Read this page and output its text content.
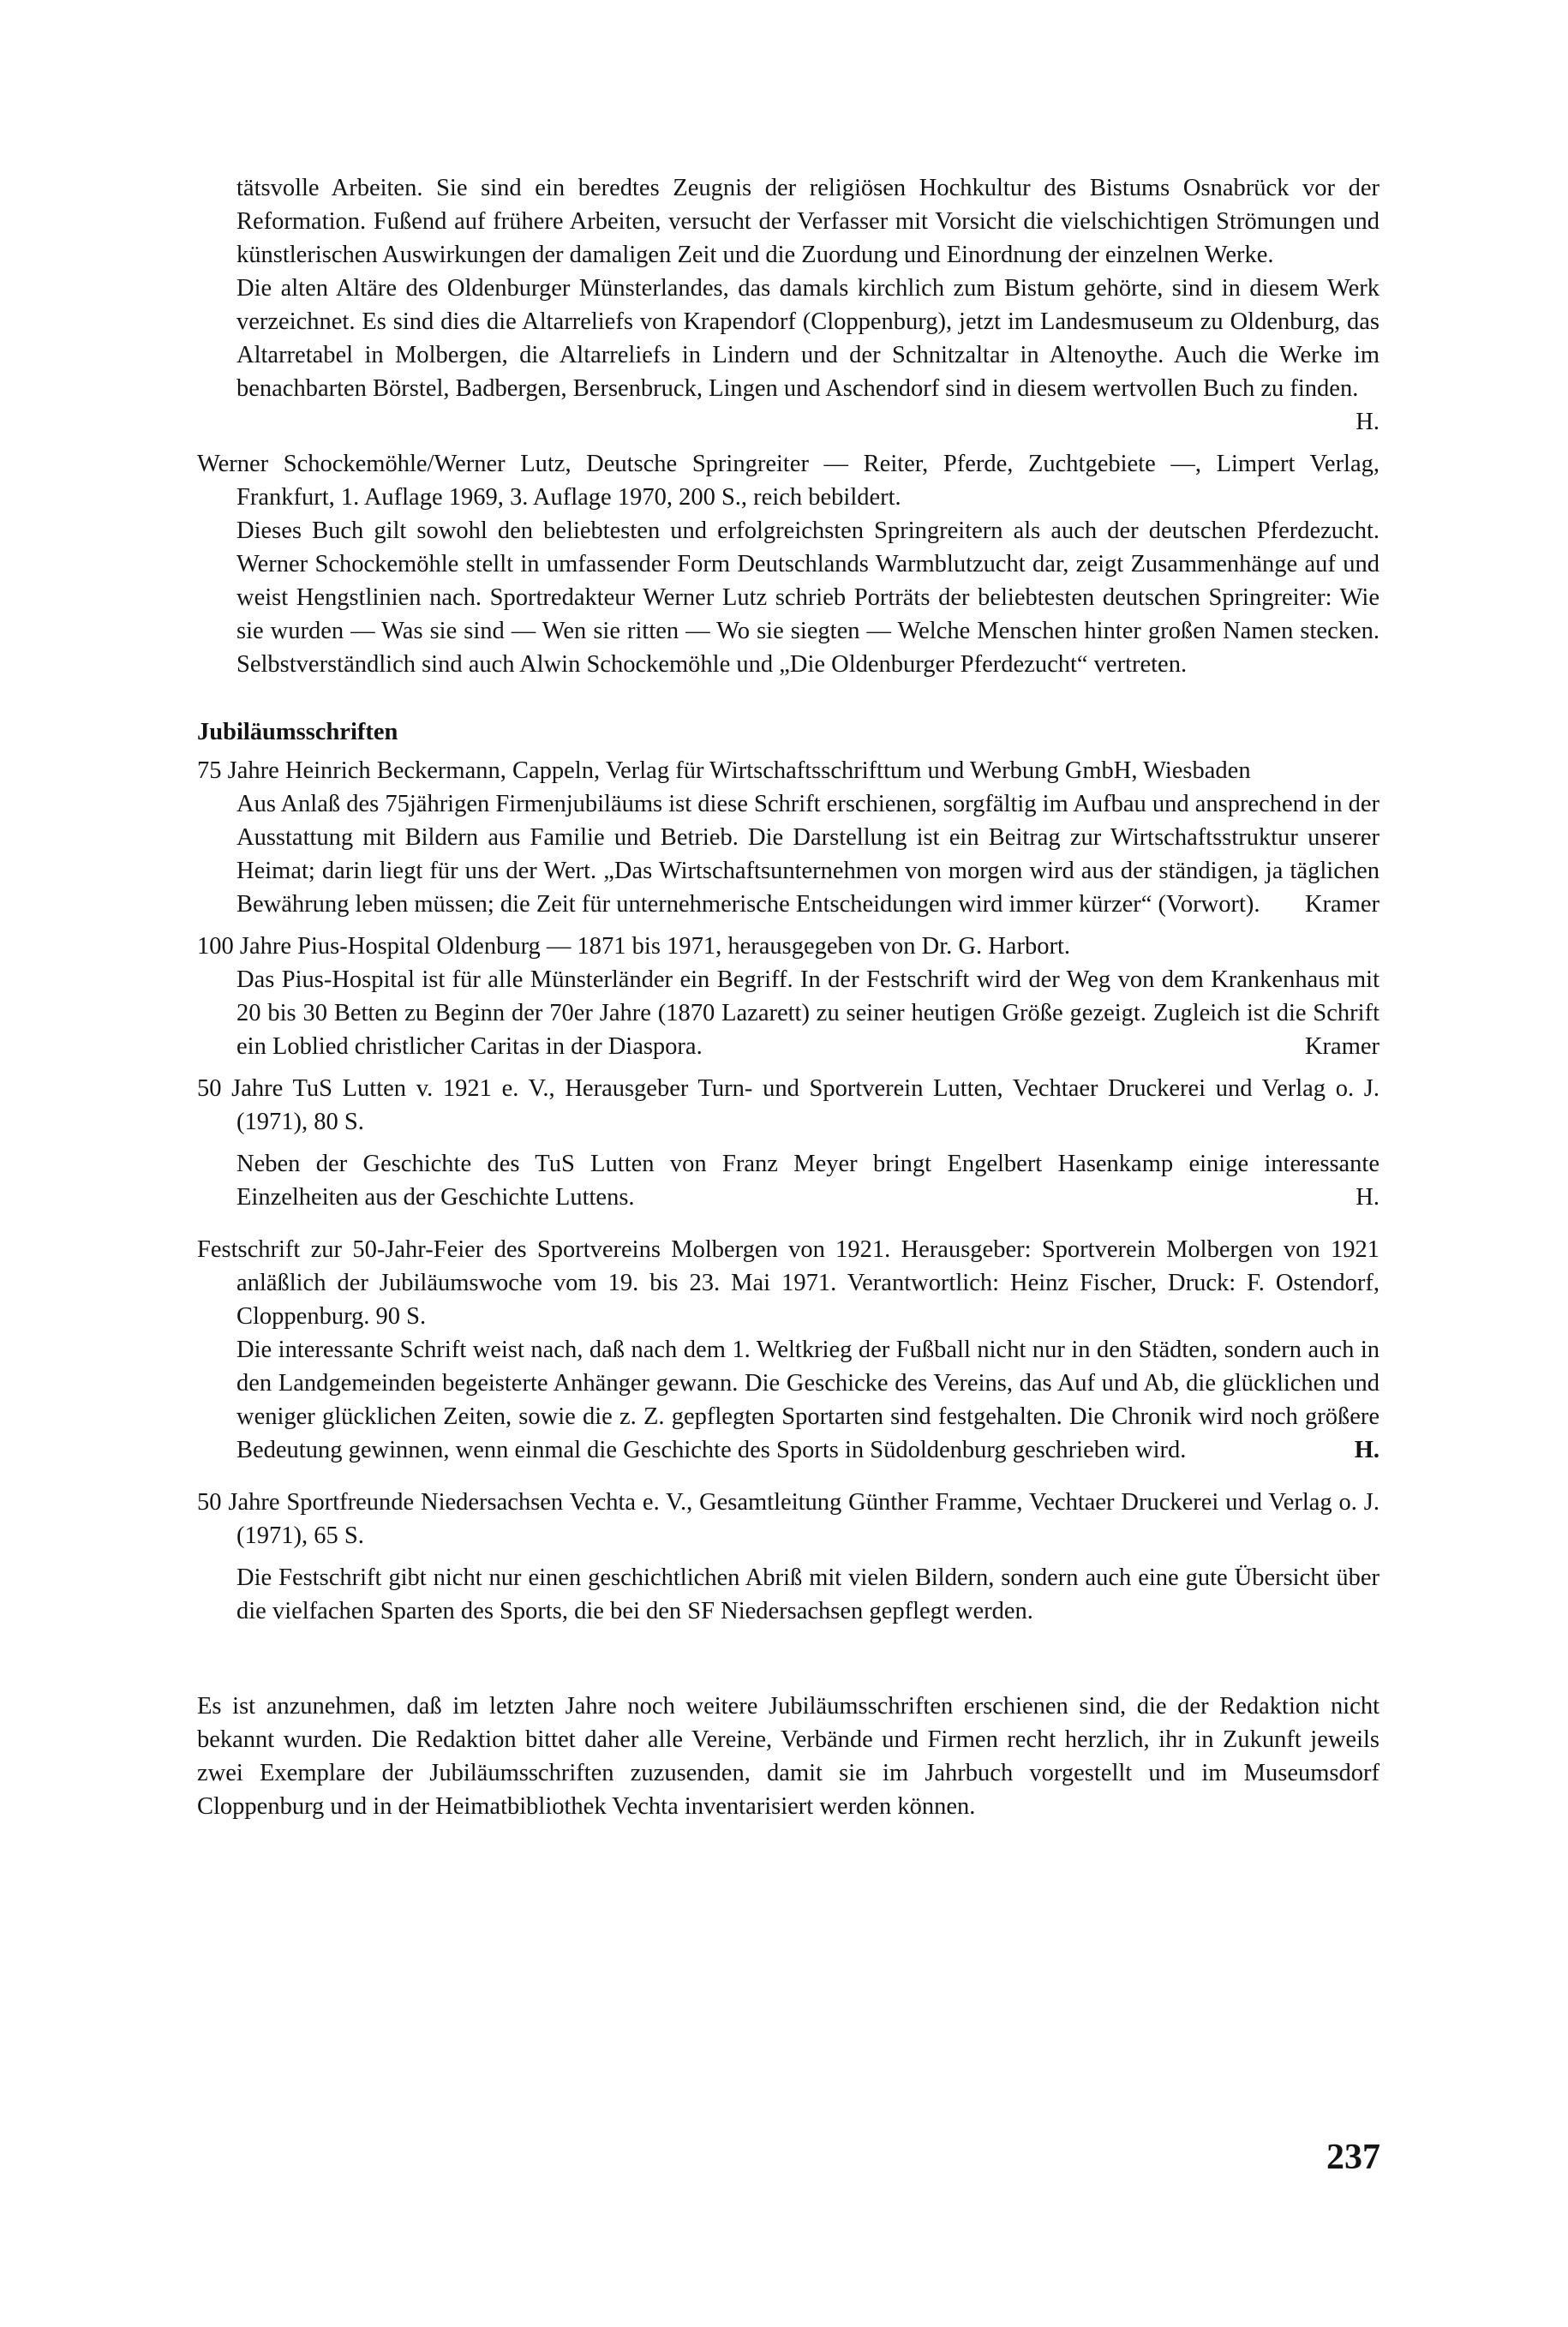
tätsvolle Arbeiten. Sie sind ein beredtes Zeugnis der religiösen Hochkultur des Bistums Osnabrück vor der Reformation. Fußend auf frühere Arbeiten, versucht der Verfasser mit Vorsicht die vielschichtigen Strömungen und künstlerischen Auswirkungen der damaligen Zeit und die Zuordung und Einordnung der einzelnen Werke.

Die alten Altäre des Oldenburger Münsterlandes, das damals kirchlich zum Bistum gehörte, sind in diesem Werk verzeichnet. Es sind dies die Altarreliefs von Krapendorf (Cloppenburg), jetzt im Landesmuseum zu Oldenburg, das Altarretabel in Molbergen, die Altarreliefs in Lindern und der Schnitzaltar in Altenoythe. Auch die Werke im benachbarten Börstel, Badbergen, Bersenbruck, Lingen und Aschendorf sind in diesem wertvollen Buch zu finden.
H.

Werner Schockemöhle/Werner Lutz, Deutsche Springreiter — Reiter, Pferde, Zuchtgebiete —, Limpert Verlag, Frankfurt, 1. Auflage 1969, 3. Auflage 1970, 200 S., reich bebildert.

Dieses Buch gilt sowohl den beliebtesten und erfolgreichsten Springreitern als auch der deutschen Pferdezucht. Werner Schockemöhle stellt in umfassender Form Deutschlands Warmblutzucht dar, zeigt Zusammenhänge auf und weist Hengstlinien nach. Sportredakteur Werner Lutz schrieb Porträts der beliebtesten deutschen Springreiter: Wie sie wurden — Was sie sind — Wen sie ritten — Wo sie siegten — Welche Menschen hinter großen Namen stecken. Selbstverständlich sind auch Alwin Schockemöhle und „Die Oldenburger Pferdezucht“ vertreten.

Jubiläumsschriften

75 Jahre Heinrich Beckermann, Cappeln, Verlag für Wirtschaftsschrifttum und Werbung GmbH, Wiesbaden

Aus Anlaß des 75jährigen Firmenjubiläums ist diese Schrift erschienen, sorgfältig im Aufbau und ansprechend in der Ausstattung mit Bildern aus Familie und Betrieb. Die Darstellung ist ein Beitrag zur Wirtschaftsstruktur unserer Heimat; darin liegt für uns der Wert. „Das Wirtschaftsunternehmen von morgen wird aus der ständigen, ja täglichen Bewährung leben müssen; die Zeit für unternehmerische Entscheidungen wird immer kürzer“ (Vorwort).	Kramer

100 Jahre Pius-Hospital Oldenburg — 1871 bis 1971, herausgegeben von Dr. G. Harbort.

Das Pius-Hospital ist für alle Münsterländer ein Begriff. In der Festschrift wird der Weg von dem Krankenhaus mit 20 bis 30 Betten zu Beginn der 70er Jahre (1870 Lazarett) zu seiner heutigen Größe gezeigt. Zugleich ist die Schrift ein Loblied christlicher Caritas in der Diaspora.	Kramer

50 Jahre TuS Lutten v. 1921 e. V., Herausgeber Turn- und Sportverein Lutten, Vechtaer Druckerei und Verlag o. J. (1971), 80 S.

Neben der Geschichte des TuS Lutten von Franz Meyer bringt Engelbert Hasenkamp einige interessante Einzelheiten aus der Geschichte Luttens.	H.

Festschrift zur 50-Jahr-Feier des Sportvereins Molbergen von 1921. Herausgeber: Sportverein Molbergen von 1921 anläßlich der Jubiläumswoche vom 19. bis 23. Mai 1971. Verantwortlich: Heinz Fischer, Druck: F. Ostendorf, Cloppenburg. 90 S.

Die interessante Schrift weist nach, daß nach dem 1. Weltkrieg der Fußball nicht nur in den Städten, sondern auch in den Landgemeinden begeisterte Anhänger gewann. Die Geschicke des Vereins, das Auf und Ab, die glücklichen und weniger glücklichen Zeiten, sowie die z. Z. gepflegten Sportarten sind festgehalten. Die Chronik wird noch größere Bedeutung gewinnen, wenn einmal die Geschichte des Sports in Südoldenburg geschrieben wird.	H.

50 Jahre Sportfreunde Niedersachsen Vechta e. V., Gesamtleitung Günther Framme, Vechtaer Druckerei und Verlag o. J. (1971), 65 S.

Die Festschrift gibt nicht nur einen geschichtlichen Abriß mit vielen Bildern, sondern auch eine gute Übersicht über die vielfachen Sparten des Sports, die bei den SF Niedersachsen gepflegt werden.

Es ist anzunehmen, daß im letzten Jahre noch weitere Jubiläumsschriften erschienen sind, die der Redaktion nicht bekannt wurden. Die Redaktion bittet daher alle Vereine, Verbände und Firmen recht herzlich, ihr in Zukunft jeweils zwei Exemplare der Jubiläumsschriften zuzusenden, damit sie im Jahrbuch vorgestellt und im Museumsdorf Cloppenburg und in der Heimatbibliothek Vechta inventarisiert werden können.

237
